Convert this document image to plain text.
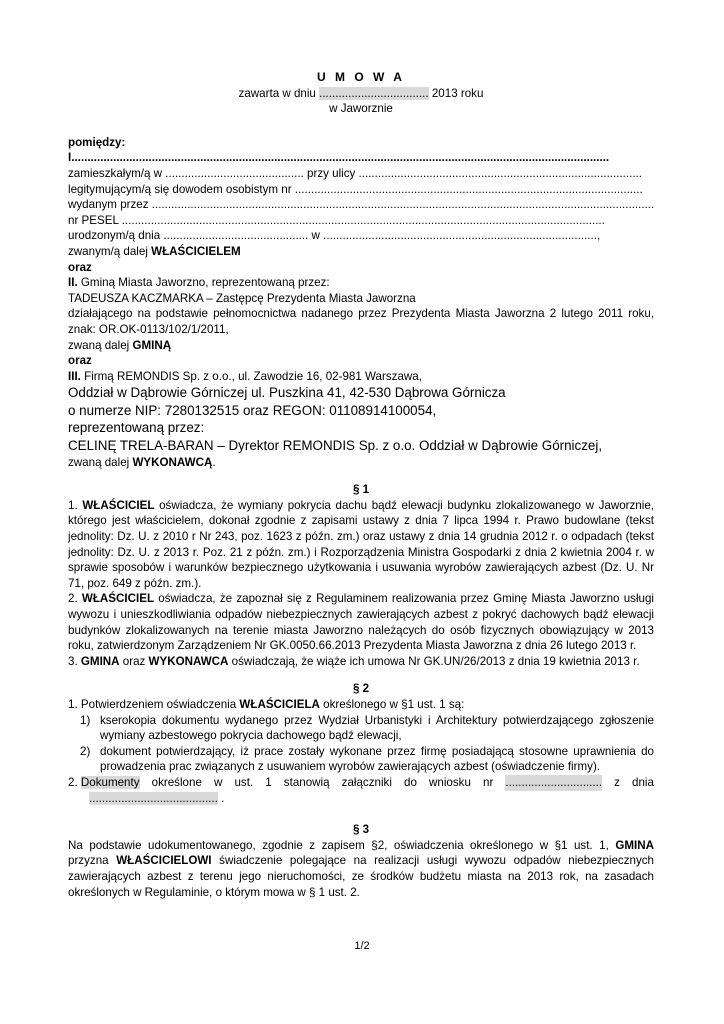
U M O W A
zawarta w dniu .................................. 2013 roku
w Jaworznie
pomiędzy:
I.......................................................................................................................................................................
zamieszkałym/ą w ........................................... przy ulicy ........................................................................................
legitymującym/ą się dowodem osobistym nr ............................................................................................................
wydanym przez ............................................................................................................................................................
nr PESEL ......................................................................................................................................................
urodzonym/ą dnia ............................................. w .....................................................................................,
zwanym/ą dalej WŁAŚCICIELEM
oraz
II. Gminą Miasta Jaworzno, reprezentowaną przez:
TADEUSZA KACZMARKA – Zastępcę Prezydenta Miasta Jaworzna
działającego na podstawie pełnomocnictwa nadanego przez Prezydenta Miasta Jaworzna 2 lutego 2011 roku, znak: OR.OK-0113/102/1/2011,
zwaną dalej GMINĄ
oraz
III. Firmą REMONDIS Sp. z o.o., ul. Zawodzie 16, 02-981 Warszawa,
Oddział w Dąbrowie Górniczej ul. Puszkina 41, 42-530 Dąbrowa Górnicza
o numerze NIP: 7280132515 oraz REGON: 01108914100054,
reprezentowaną przez:
CELINĘ TRELA-BARAN – Dyrektor REMONDIS Sp. z o.o. Oddział w Dąbrowie Górniczej,
zwaną dalej WYKONAWCĄ.
§ 1
1. WŁAŚCICIEL oświadcza, że wymiany pokrycia dachu bądź elewacji budynku zlokalizowanego w Jaworznie, którego jest właścicielem, dokonał zgodnie z zapisami ustawy z dnia 7 lipca 1994 r. Prawo budowlane (tekst jednolity: Dz. U. z 2010 r Nr 243, poz. 1623 z późn. zm.) oraz ustawy z dnia 14 grudnia 2012 r. o odpadach (tekst jednolity: Dz. U. z 2013 r. Poz. 21 z późn. zm.) i Rozporządzenia Ministra Gospodarki z dnia 2 kwietnia 2004 r. w sprawie sposobów i warunków bezpiecznego użytkowania i usuwania wyrobów zawierających azbest (Dz. U. Nr 71, poz. 649 z późn. zm.).
2. WŁAŚCICIEL oświadcza, że zapoznał się z Regulaminem realizowania przez Gminę Miasta Jaworzno usługi wywozu i unieszkodliwiania odpadów niebezpiecznych zawierających azbest z pokryć dachowych bądź elewacji budynków zlokalizowanych na terenie miasta Jaworzno należących do osób fizycznych obowiązujący w 2013 roku, zatwierdzonym Zarządzeniem Nr GK.0050.66.2013 Prezydenta Miasta Jaworzna z dnia 26 lutego 2013 r.
3. GMINA oraz WYKONAWCA oświadczają, że wiąże ich umowa Nr GK.UN/26/2013 z dnia 19 kwietnia 2013 r.
§ 2
1. Potwierdzeniem oświadczenia WŁAŚCICIELA określonego w §1 ust. 1 są:
1) kserokopia dokumentu wydanego przez Wydział Urbanistyki i Architektury potwierdzającego zgłoszenie wymiany azbestowego pokrycia dachowego bądź elewacji,
2) dokument potwierdzający, iż prace zostały wykonane przez firmę posiadającą stosowne uprawnienia do prowadzenia prac związanych z usuwaniem wyrobów zawierających azbest (oświadczenie firmy).
2. Dokumenty określone w ust. 1 stanowią załączniki do wniosku nr .............................. z dnia
........................................ .
§ 3
Na podstawie udokumentowanego, zgodnie z zapisem §2, oświadczenia określonego w §1 ust. 1, GMINA przyzna WŁAŚCICIELOWI świadczenie polegające na realizacji usługi wywozu odpadów niebezpiecznych zawierających azbest z terenu jego nieruchomości, ze środków budżetu miasta na 2013 rok, na zasadach określonych w Regulaminie, o którym mowa w § 1 ust. 2.
1/2
